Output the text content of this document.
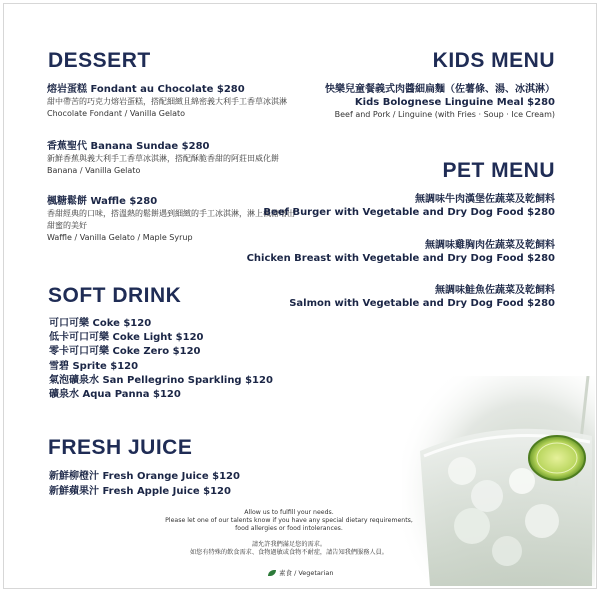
DESSERT
熔岩蛋糕 Fondant au Chocolate $280
甜中帶苦的巧克力熔岩蛋糕，搭配細緻且綿密義大利手工香草冰淇淋
Chocolate Fondant / Vanilla Gelato
香蕉聖代 Banana Sundae $280
新鮮香蕉與義大利手工香草冰淇淋，搭配酥脆香甜的阿莊田威化餅
Banana / Vanilla Gelato
楓糖鬆餅 Waffle $280
香甜經典的口味，搭溫熱的鬆餅遇到細緻的手工冰淇淋，淋上楓糖增出
甜蜜的美好
Waffle / Vanilla Gelato / Maple Syrup
SOFT DRINK
可口可樂 Coke $120
低卡可口可樂 Coke Light $120
零卡可口可樂 Coke Zero $120
雪碧 Sprite $120
氣泡礦泉水 San Pellegrino Sparkling $120
礦泉水 Aqua Panna $120
FRESH JUICE
新鮮柳橙汁 Fresh Orange Juice $120
新鮮蘋果汁 Fresh Apple Juice $120
KIDS MENU
快樂兒童餐義式肉醬細扁麵（佐薯條、湯、冰淇淋）
Kids Bolognese Linguine Meal $280
Beef and Pork / Linguine (with Fries · Soup · Ice Cream)
PET MENU
無調味牛肉漢堡佐蔬菜及乾飼料
Beef Burger with Vegetable and Dry Dog Food $280
無調味雞胸肉佐蔬菜及乾飼料
Chicken Breast with Vegetable and Dry Dog Food $280
無調味鮭魚佐蔬菜及乾飼料
Salmon with Vegetable and Dry Dog Food $280
Allow us to fulfill your needs.
Please let one of our talents know if you have any special dietary requirements,
food allergies or food intolerances.
請允許我們滿足您的需求。
如您有特殊的飲食需求、食物過敏或食物不耐症，請告知我們服務人員。
素食 / Vegetarian
